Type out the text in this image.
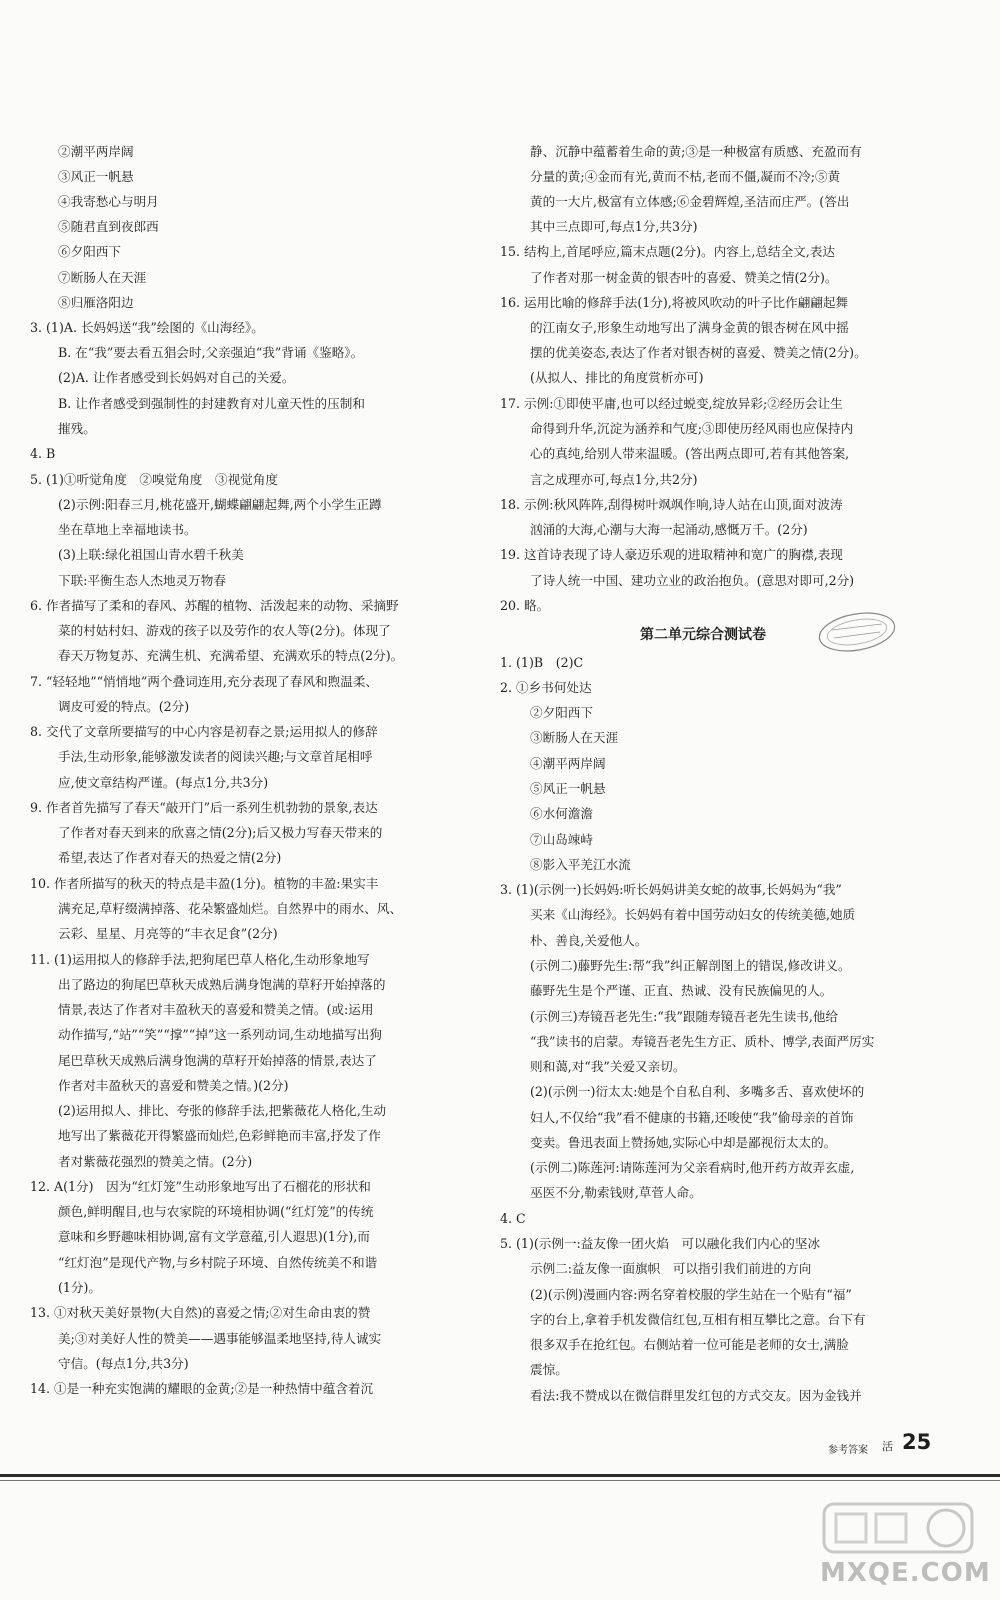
②潮平两岸阔
③风正一帆悬
④我寄愁心与明月
⑤随君直到夜郎西
⑥夕阳西下
⑦断肠人在天涯
⑧归雁洛阳边
3. (1)A. 长妈妈送“我”绘图的《山海经》。
B. 在“我”要去看五猖会时,父亲强迫“我”背诵《鉴略》。
(2)A. 让作者感受到长妈妈对自己的关爱。
B. 让作者感受到强制性的封建教育对儿童天性的压制和
摧残。
4. B
5. (1)①听觉角度　②嗅觉角度　③视觉角度
(2)示例:阳春三月,桃花盛开,蝴蝶翩翩起舞,两个小学生正蹲
坐在草地上幸福地读书。
(3)上联:绿化祖国山青水碧千秋美
下联:平衡生态人杰地灵万物春
6. 作者描写了柔和的春风、苏醒的植物、活泼起来的动物、采摘野
菜的村姑村妇、游戏的孩子以及劳作的农人等(2分)。体现了
春天万物复苏、充满生机、充满希望、充满欢乐的特点(2分)。
7. “轻轻地”“悄悄地”两个叠词连用,充分表现了春风和煦温柔、
调皮可爱的特点。(2分)
8. 交代了文章所要描写的中心内容是初春之景;运用拟人的修辞
手法,生动形象,能够激发读者的阅读兴趣;与文章首尾相呼
应,使文章结构严谨。(每点1分,共3分)
9. 作者首先描写了春天“敲开门”后一系列生机勃勃的景象,表达
了作者对春天到来的欣喜之情(2分);后又极力写春天带来的
希望,表达了作者对春天的热爱之情(2分)
10. 作者所描写的秋天的特点是丰盈(1分)。植物的丰盈:果实丰
满充足,草籽缀满掉落、花朵繁盛灿烂。自然界中的雨水、风、
云彩、星星、月亮等的“丰衣足食”(2分)
11. (1)运用拟人的修辞手法,把狗尾巴草人格化,生动形象地写
出了路边的狗尾巴草秋天成熟后满身饱满的草籽开始掉落的
情景,表达了作者对丰盈秋天的喜爱和赞美之情。(或:运用
动作描写,“站”“笑”“撑”“掉”这一系列动词,生动地描写出狗
尾巴草秋天成熟后满身饱满的草籽开始掉落的情景,表达了
作者对丰盈秋天的喜爱和赞美之情。)(2分)
(2)运用拟人、排比、夸张的修辞手法,把紫薇花人格化,生动
地写出了紫薇花开得繁盛而灿烂,色彩鲜艳而丰富,抒发了作
者对紫薇花强烈的赞美之情。(2分)
12. A(1分)　因为“红灯笼”生动形象地写出了石榴花的形状和
颜色,鲜明醒目,也与农家院的环境相协调(“红灯笼”的传统
意味和乡野趣味相协调,富有文学意蕴,引人遐思)(1分),而
“红灯泡”是现代产物,与乡村院子环境、自然传统美不和谐
(1分)。
13. ①对秋天美好景物(大自然)的喜爱之情;②对生命由衷的赞
美;③对美好人性的赞美——遇事能够温柔地坚持,待人诚实
守信。(每点1分,共3分)
14. ①是一种充实饱满的耀眼的金黄;②是一种热情中蕴含着沉
静、沉静中蕴蓄着生命的黄;③是一种极富有质感、充盈而有
分量的黄;④金而有光,黄而不枯,老而不僵,凝而不冷;⑤黄
黄的一大片,极富有立体感;⑥金碧辉煌,圣洁而庄严。(答出
其中三点即可,每点1分,共3分)
15. 结构上,首尾呼应,篇末点题(2分)。内容上,总结全文,表达
了作者对那一树金黄的银杏叶的喜爱、赞美之情(2分)。
16. 运用比喻的修辞手法(1分),将被风吹动的叶子比作翩翩起舞
的江南女子,形象生动地写出了满身金黄的银杏树在风中摇
摆的优美姿态,表达了作者对银杏树的喜爱、赞美之情(2分)。
(从拟人、排比的角度赏析亦可)
17. 示例:①即使平庸,也可以经过蜕变,绽放异彩;②经历会让生
命得到升华,沉淀为涵养和气度;③即使历经风雨也应保持内
心的真纯,给别人带来温暖。(答出两点即可,若有其他答案,
言之成理亦可,每点1分,共2分)
18. 示例:秋风阵阵,刮得树叶飒飒作响,诗人站在山顶,面对波涛
汹涌的大海,心潮与大海一起涌动,感慨万千。(2分)
19. 这首诗表现了诗人豪迈乐观的进取精神和宽广的胸襟,表现
了诗人统一中国、建功立业的政治抱负。(意思对即可,2分)
20. 略。
1. (1)B　(2)C
2. ①乡书何处达
②夕阳西下
③断肠人在天涯
④潮平两岸阔
⑤风正一帆悬
⑥水何澹澹
⑦山岛竦峙
⑧影入平羌江水流
3. (1)(示例一)长妈妈:听长妈妈讲美女蛇的故事,长妈妈为“我”
买来《山海经》。长妈妈有着中国劳动妇女的传统美德,她质
朴、善良,关爱他人。
(示例二)藤野先生:帮“我”纠正解剖图上的错误,修改讲义。
藤野先生是个严谨、正直、热诚、没有民族偏见的人。
(示例三)寿镜吾老先生:“我”跟随寿镜吾老先生读书,他给
“我”读书的启蒙。寿镜吾老先生方正、质朴、博学,表面严厉实
则和蔼,对“我”关爱又亲切。
(2)(示例一)衍太太:她是个自私自利、多嘴多舌、喜欢使坏的
妇人,不仅给“我”看不健康的书籍,还唆使“我”偷母亲的首饰
变卖。鲁迅表面上赞扬她,实际心中却是鄙视衍太太的。
(示例二)陈莲河:请陈莲河为父亲看病时,他开药方故弄玄虚,
巫医不分,勒索钱财,草菅人命。
4. C
5. (1)(示例一:益友像一团火焰　可以融化我们内心的坚冰
示例二:益友像一面旗帜　可以指引我们前进的方向
(2)(示例)漫画内容:两名穿着校服的学生站在一个贴有“福”
字的台上,拿着手机发微信红包,互相有相互攀比之意。台下有
很多双手在抢红包。右侧站着一位可能是老师的女士,满脸
震惊。
看法:我不赞成以在微信群里发红包的方式交友。因为金钱并
第二单元综合测试卷
参考答案 活 25
MXQE.COM
